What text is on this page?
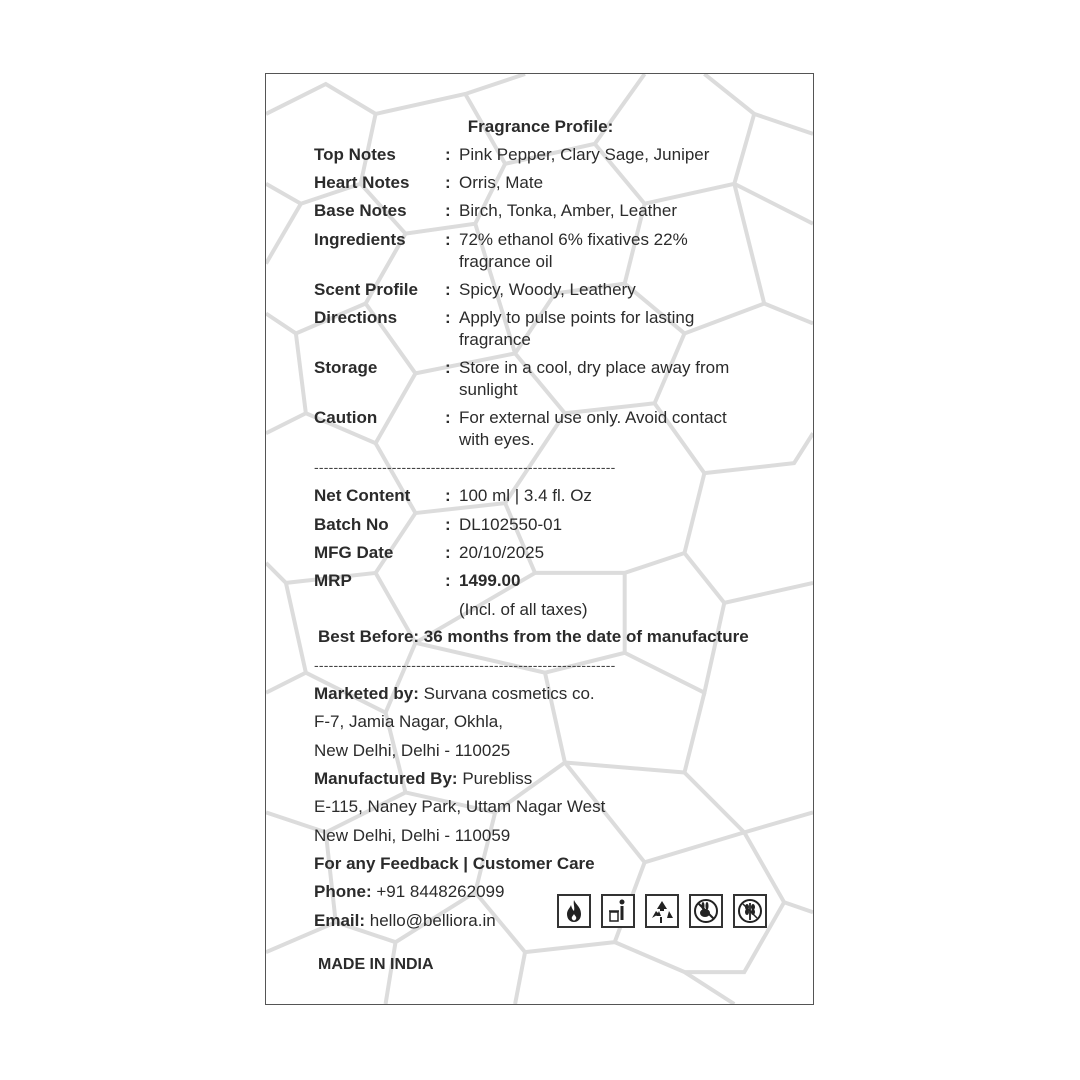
Fragrance Profile:
Top Notes	: Pink Pepper, Clary Sage, Juniper
Heart Notes	: Orris, Mate
Base Notes	: Birch, Tonka, Amber, Leather
Ingredients	: 72% ethanol 6% fixatives 22% fragrance oil
Scent Profile	: Spicy, Woody, Leathery
Directions	: Apply to pulse points for lasting fragrance
Storage	: Store in a cool, dry place away from sunlight
Caution	: For external use only. Avoid contact with eyes.
--------------------------------------------------------------
Net Content	: 100 ml | 3.4 fl. Oz
Batch No	: DL102550-01
MFG Date	: 20/10/2025
MRP	: 1499.00
(Incl. of all taxes)
Best Before: 36 months from the date of manufacture
--------------------------------------------------------------
Marketed by: Survana cosmetics co.
F-7, Jamia Nagar, Okhla,
New Delhi, Delhi - 110025
Manufactured By: Purebliss
E-115, Naney Park, Uttam Nagar West
New Delhi, Delhi - 110059
For any Feedback | Customer Care
Phone: +91 8448262099
Email: hello@belliora.in
MADE IN INDIA
